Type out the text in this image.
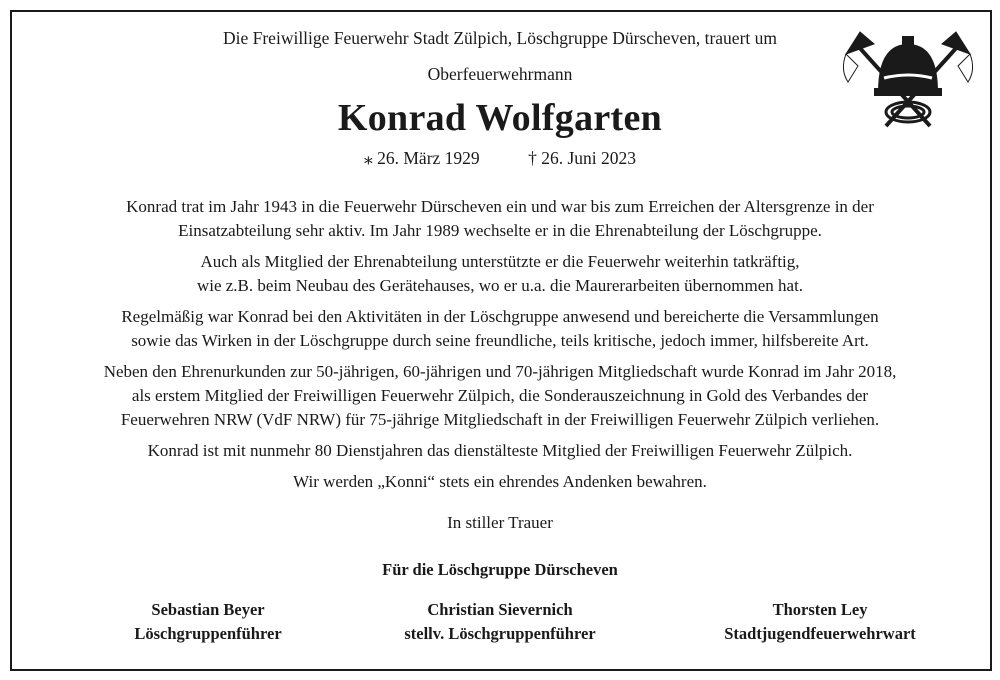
Die Freiwillige Feuerwehr Stadt Zülpich, Löschgruppe Dürscheven, trauert um
Oberfeuerwehrmann
Konrad Wolfgarten
⁎ 26. März 1929	† 26. Juni 2023

Konrad trat im Jahr 1943 in die Feuerwehr Dürscheven ein und war bis zum Erreichen der Altersgrenze in der
Einsatzabteilung sehr aktiv. Im Jahr 1989 wechselte er in die Ehrenabteilung der Löschgruppe.

Auch als Mitglied der Ehrenabteilung unterstützte er die Feuerwehr weiterhin tatkräftig,
wie z.B. beim Neubau des Gerätehauses, wo er u.a. die Maurerarbeiten übernommen hat.

Regelmäßig war Konrad bei den Aktivitäten in der Löschgruppe anwesend und bereicherte die Versammlungen
sowie das Wirken in der Löschgruppe durch seine freundliche, teils kritische, jedoch immer, hilfsbereite Art.

Neben den Ehrenurkunden zur 50-jährigen, 60-jährigen und 70-jährigen Mitgliedschaft wurde Konrad im Jahr 2018,
als erstem Mitglied der Freiwilligen Feuerwehr Zülpich, die Sonderauszeichnung in Gold des Verbandes der
Feuerwehren NRW (VdF NRW) für 75-jährige Mitgliedschaft in der Freiwilligen Feuerwehr Zülpich verliehen.

Konrad ist mit nunmehr 80 Dienstjahren das dienstälteste Mitglied der Freiwilligen Feuerwehr Zülpich.

Wir werden „Konni“ stets ein ehrendes Andenken bewahren.

In stiller Trauer
Für die Löschgruppe Dürscheven
Sebastian Beyer
Löschgruppenführer
Christian Sievernich
stellv. Löschgruppenführer
Thorsten Ley
Stadtjugendfeuerwehrwart
